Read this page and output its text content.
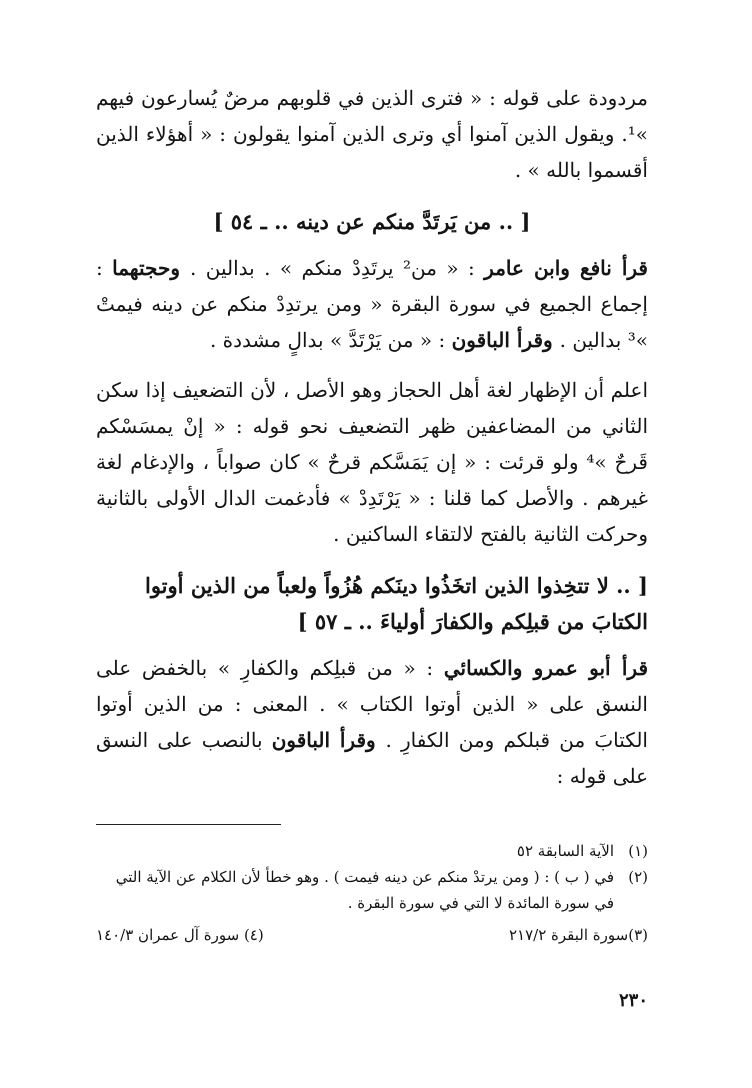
مردودة على قوله : « فترى الذين في قلوبهم مرضٌ يُسارعون فيهم »¹. ويقول الذين آمنوا أي وترى الذين آمنوا يقولون : « أهؤلاء الذين أقسموا بالله » .

[ .. من يَرتَدَّ منكم عن دينه .. ـ ٥٤ ]

قرأ نافع وابن عامر : « من² يرتَدِدْ منكم » . بدالين . وحجتهما : إجماع الجميع في سورة البقرة « ومن يرتدِدْ منكم عن دينه فيمتْ »³ بدالين . وقرأ الباقون : « من يَرْتَدَّ » بدالٍ مشددة .

اعلم أن الإظهار لغة أهل الحجاز وهو الأصل ، لأن التضعيف إذا سكن الثاني من المضاعفين ظهر التضعيف نحو قوله : « إنْ يمسَسْكم قَرحٌ »⁴ ولو قرئت : « إن يَمَسَّكم قرحٌ » كان صواباً ، والإدغام لغة غيرهم . والأصل كما قلنا : « يَرْتَدِدْ » فأدغمت الدال الأولى بالثانية وحركت الثانية بالفتح لالتقاء الساكنين .

[ .. لا تتخِذوا الذين اتخَذُوا دينَكم هُزُواً ولعباً من الذين أوتوا الكتابَ من قبلِكم والكفارَ أولياءَ .. ـ ٥٧ ]

قرأ أبو عمرو والكسائي : « من قبلِكم والكفارِ » بالخفض على النسق على « الذين أوتوا الكتاب » . المعنى : من الذين أوتوا الكتابَ من قبلكم ومن الكفارِ . وقرأ الباقون بالنصب على النسق على قوله :

(١)الآية السابقة ٥٢

(٢)في ( ب ) : ( ومن يرتدْ منكم عن دينه فيمت ) . وهو خطأ لأن الكلام عن الآية التي

في سورة المائدة لا التي في سورة البقرة .

(٣)سورة البقرة ٢١٧/٢
(٤) سورة آل عمران ١٤٠/٣
٢٣٠
